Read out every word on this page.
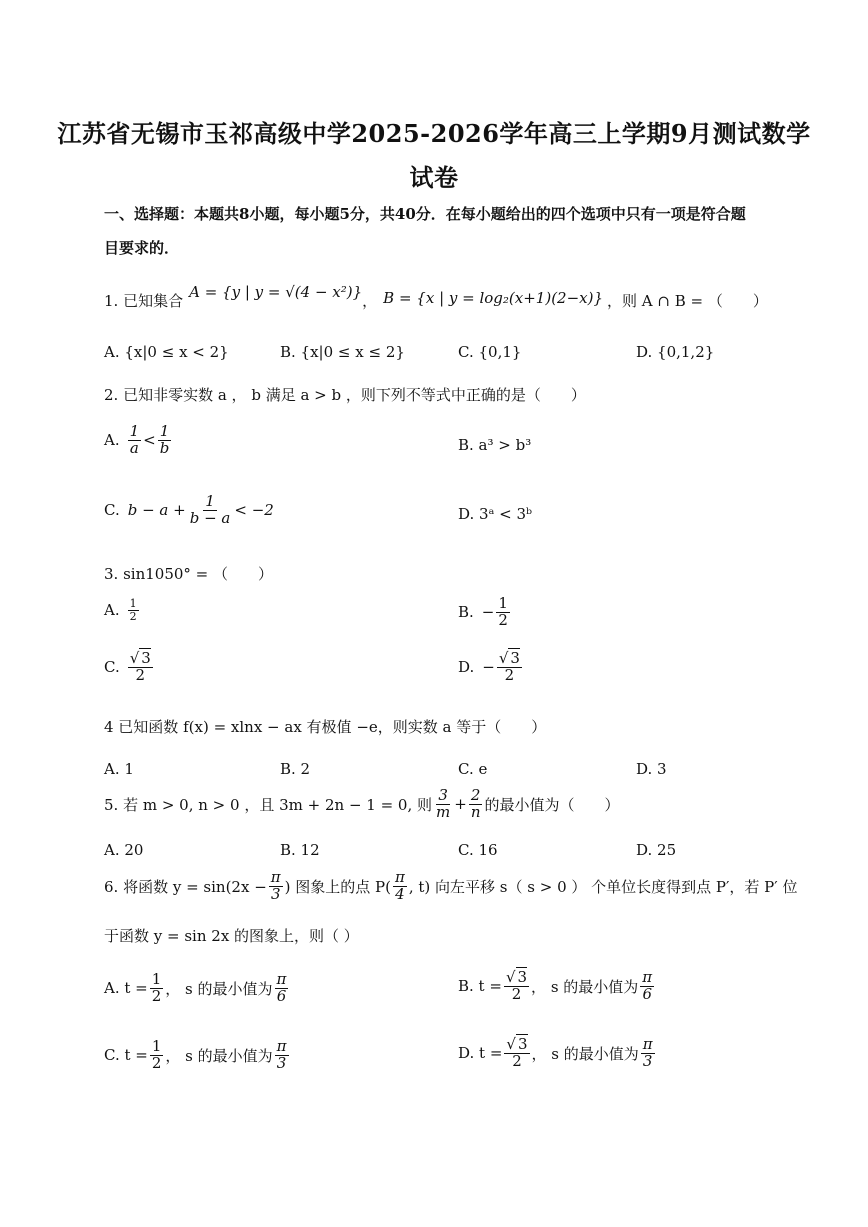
江苏省无锡市玉祁高级中学2025-2026学年高三上学期9月测试数学
试卷
一、选择题：本题共8小题，每小题5分，共40分．在每小题给出的四个选项中只有一项是符合题
目要求的．
1. 已知集合
A = {y | y = √(4 − x²)}
， B = {x | y = log₂(x+1)(2−x)} ，则 A ∩ B = （　　）
A. {x|0 ≤ x < 2}	B. {x|0 ≤ x ≤ 2}	C. {0,1}	D. {0,1,2}
2. 已知非零实数 a ， b 满足 a > b ，则下列不等式中正确的是（　　）
A. $\frac{1}{a} < \frac{1}{b}$	B. a³ > b³
C. $b - a + \frac{1}{b - a} < -2$	D. 3ᵃ < 3ᵇ
3. sin1050° = （　　）
A. $\frac{1}{2}$	B. − $\frac{1}{2}$
C. $\frac{√ 3}{2}$	D. − $\frac{√ 3}{2}$
4 已知函数 f(x) = xlnx − ax 有极值 −e，则实数 a 等于（　　）
A. 1	B. 2	C. e	D. 3
5. 若 m > 0, n > 0 ，且 3m + 2n − 1 = 0, 则 $\frac{3}{m} + \frac{2}{n}$ 的最小值为（　　）
A. 20	B. 12	C. 16	D. 25
6. 将函数 $y = \sin(2x - \frac{\pi}{3}$ ) 图象上的点 $P( \frac{\pi}{4}$ , t) 向左平移 s（ s > 0 ） 个单位长度得到点 P′，若 P′ 位
于函数 y = sin 2x 的图象上，则（ ）
A. $t = \frac{1}{2}$ ， s 的最小值为 $\frac{\pi}{6}$	B. $t = \frac{√ 3}{2}$ ， s 的最小值为 $\frac{\pi}{6}$
C. $t = \frac{1}{2}$ ， s 的最小值为 $\frac{\pi}{3}$	D. $t = \frac{√ 3}{2}$ ， s 的最小值为 $\frac{\pi}{3}$
